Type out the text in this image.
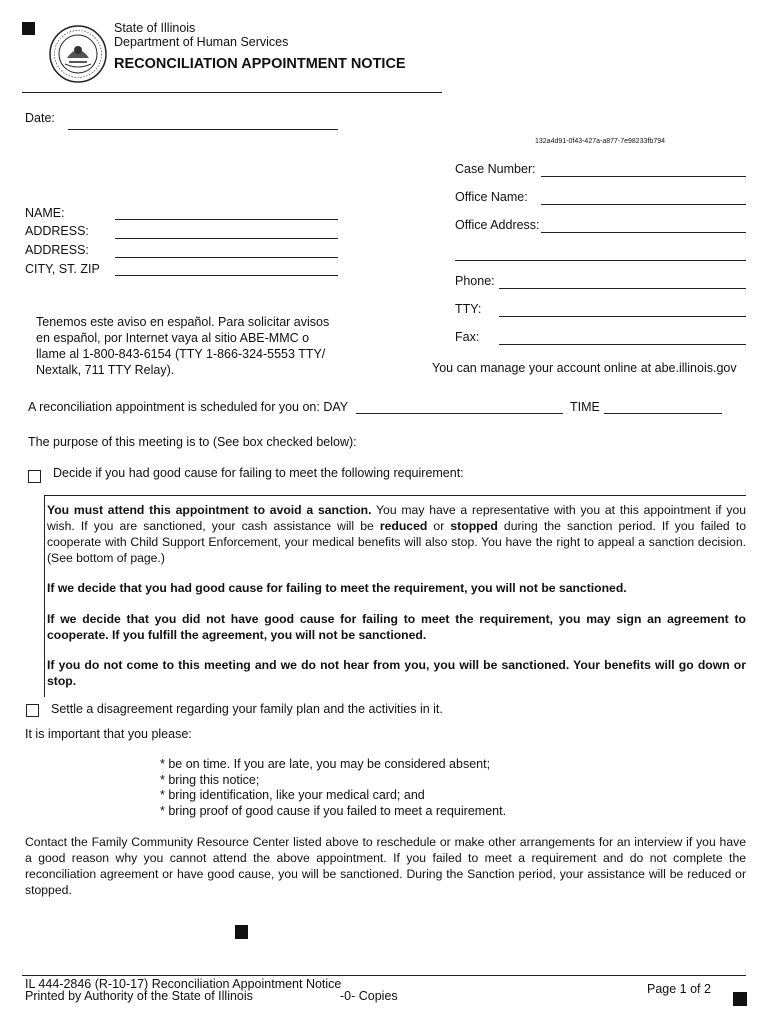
State of Illinois
Department of Human Services
RECONCILIATION APPOINTMENT NOTICE
Date:
132a4d91-0f43-427a-a877-7e98233fb794
NAME:
ADDRESS:
ADDRESS:
CITY, ST. ZIP
Case Number:
Office Name:
Office Address:
Phone:
TTY:
Fax:
You can manage your account online at abe.illinois.gov
Tenemos este aviso en español. Para solicitar avisos
en español, por Internet vaya al sitio ABE-MMC o
llame al 1-800-843-6154 (TTY 1-866-324-5553 TTY/
Nextalk, 711 TTY Relay).
A reconciliation appointment is scheduled for you on: DAY	TIME
The purpose of this meeting is to (See box checked below):
Decide if you had good cause for failing to meet the following requirement:
You must attend this appointment to avoid a sanction. You may have a representative with you at this appointment if you wish. If you are sanctioned, your cash assistance will be reduced or stopped during the sanction period. If you failed to cooperate with Child Support Enforcement, your medical benefits will also stop. You have the right to appeal a sanction decision. (See bottom of page.)
If we decide that you had good cause for failing to meet the requirement, you will not be sanctioned.
If we decide that you did not have good cause for failing to meet the requirement, you may sign an agreement to cooperate. If you fulfill the agreement, you will not be sanctioned.
If you do not come to this meeting and we do not hear from you, you will be sanctioned. Your benefits will go down or stop.
Settle a disagreement regarding your family plan and the activities in it.
It is important that you please:
* be on time. If you are late, you may be considered absent;
* bring this notice;
* bring identification, like your medical card; and
* bring proof of good cause if you failed to meet a requirement.
Contact the Family Community Resource Center listed above to reschedule or make other arrangements for an interview if you have a good reason why you cannot attend the above appointment. If you failed to meet a requirement and do not complete the reconciliation agreement or have good cause, you will be sanctioned. During the Sanction period, your assistance will be reduced or stopped.
IL 444-2846 (R-10-17) Reconciliation Appointment Notice
Printed by Authority of the State of Illinois	-0- Copies	Page 1 of 2
